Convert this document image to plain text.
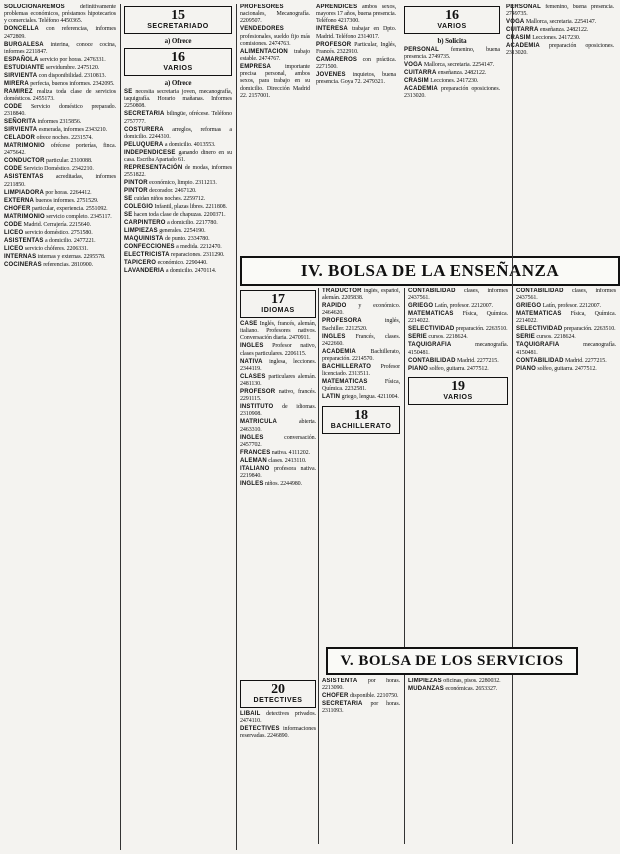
SOLUCIONAREMOS definitivamente problemas económicos, préstamos hipotecarios y comerciales. Teléfono 4450365.

DONCELLA con referencias, informes 2472809.

BURGALESA interina, conoce cocina, informes 2211847.

ESPAÑOLA servicio por horas. 2476331.

ESTUDIANTE servidumbre. 2475120.

SIRVIENTA con disponibilidad. 2310813.

MIRERA perfecta, buenos informes. 2342095.

RAMIREZ realiza toda clase de servicios domésticos. 2455173.

CODE Servicio doméstico preparado. 2318840.

SEÑORITA informes 2315856.

SIRVIENTA esmerada, informes 2343210.

CELADOR ofrece noches. 2231574.

MATRIMONIO ofrécese porterías, finca. 2475642.

CONDUCTOR particular. 2310088.

CODE Servicio Doméstico. 2342210.

ASISTENTAS acreditadas, informes 2211850.

LIMPIADORA por horas. 2264412.

EXTERNA buenos informes. 2751529.

CHOFER particular, experiencia. 2551092.

MATRIMONIO servicio completo. 2345117.

CODE Madrid. Cerrajería. 2215640.

LICEO servicio doméstico. 2751580.

ASISTENTAS a domicilio. 2477221.

LICEO servicio chóferes. 2206331.

INTERNAS internas y externas. 2295578.

COCINERAS referencias. 2810900.

15
SECRETARIADO
a) Ofrece
16
VARIOS
a) Ofrece

SE necesita secretaria joven, mecanografía, taquigrafía. Horario mañanas. Informes 2250808.

SECRETARIA bilingüe, ofrécese. Teléfono 2757777.

COSTURERA arreglos, reformas a domicilio. 2244310.

PELUQUERA a domicilio. 4013553.

INDEPENDICESE ganando dinero en su casa. Escriba Apartado 61.

REPRESENTACIÓN de modas, informes 2551822.

PINTOR económico, limpio. 2311213.

PINTOR decorador. 2467120.

SE cuidan niños noches. 2259712.

COLEGIO Infantil, plazas libres. 2211808.

SE hacen toda clase de chapuzas. 2200371.

CARPINTERO a domicilio. 2217780.

LIMPIEZAS generales. 2254190.

MAQUINISTA de punto. 2334780.

CONFECCIONES a medida. 2212470.

ELECTRICISTA reparaciones. 2311290.

TAPICERO económico. 2290440.

LAVANDERIA a domicilio. 2470114.

PROFESORES nacionales, Mecanografía. 2209507.

VENDEDORES profesionales, sueldo fijo más comisiones. 2474763.

ALIMENTACION trabajo estable. 2474767.

EMPRESA importante precisa personal, ambos sexos, para trabajo en su domicilio. Dirección Madrid 22. 2157001.

APRENDICES ambos sexos, mayores 17 años, buena presencia. Teléfono 4217300.

INTERESA trabajar en Dpto. Madrid. Teléfono 2314017.

PROFESOR Particular, Inglés, Francés. 2322910.

CAMAREROS con práctica. 2271500.

JOVENES inquietos, buena presencia. Goya 72. 2479321.

16
VARIOS
b) Solicita

PERSONAL femenino, buena presencia. 2749735.

VOGA Mallorca, secretaria. 2254147.

CUITARRA enseñanza. 2482122.

CRASIM Lecciones. 2417230.

ACADEMIA preparación oposiciones. 2313020.

PERSONAL femenino, buena presencia. 2749735.

VOGA Mallorca, secretaria. 2254147.

CUITARRA enseñanza. 2482122.

CRASIM Lecciones. 2417230.

ACADEMIA preparación oposiciones. 2313020.

IV. BOLSA DE LA ENSEÑANZA
17
IDIOMAS

CASE Inglés, francés, alemán, italiano. Profesores nativos. Conversación diaria. 2470911.

INGLES Profesor nativo, clases particulares. 2206115.

NATIVA inglesa, lecciones. 2344119.

CLASES particulares alemán. 2481130.

PROFESOR nativo, francés. 2291115.

INSTITUTO de idiomas. 2310908.

MATRICULA abierta. 2463310.

INGLES conversación. 2457702.

FRANCES nativa. 4111202.

ALEMAN clases. 2413110.

ITALIANO profesora nativa. 2219840.

INGLES niños. 2244980.

TRADUCTOR inglés, español, alemán. 2205838.

RAPIDO y económico. 2464620.

PROFESORA inglés, Bachiller. 2212520.

INGLES Francés, clases. 2422660.

ACADEMIA Bachillerato, preparación. 2214570.

BACHILLERATO Profesor licenciado. 2313511.

MATEMATICAS Física, Química. 2232581.

LATIN griego, lengua. 4211004.

18
BACHILLERATO

CONTABILIDAD clases, informes 2437561.

GRIEGO Latín, profesor. 2212007.

MATEMATICAS Física, Química. 2214022.

SELECTIVIDAD preparación. 2263510.

SERIE cursos. 2218624.

TAQUIGRAFIA mecanografía. 4150481.

CONTABILIDAD Madrid. 2277215.

PIANO solfeo, guitarra. 2477512.

19
VARIOS

CONTABILIDAD clases, informes 2437561.

GRIEGO Latín, profesor. 2212007.

MATEMATICAS Física, Química. 2214022.

SELECTIVIDAD preparación. 2263510.

SERIE cursos. 2218624.

TAQUIGRAFIA mecanografía. 4150481.

CONTABILIDAD Madrid. 2277215.

PIANO solfeo, guitarra. 2477512.

V. BOLSA DE LOS SERVICIOS
20
DETECTIVES

LIBAIL detectives privados. 2474110.

DETECTIVES informaciones reservadas. 2246890.

ASISTENTA por horas. 2213090.

CHOFER disponible. 2210750.

SECRETARIA por horas. 2311093.

LIMPIEZAS oficinas, pisos. 2280032.

MUDANZAS económicas. 2653327.
